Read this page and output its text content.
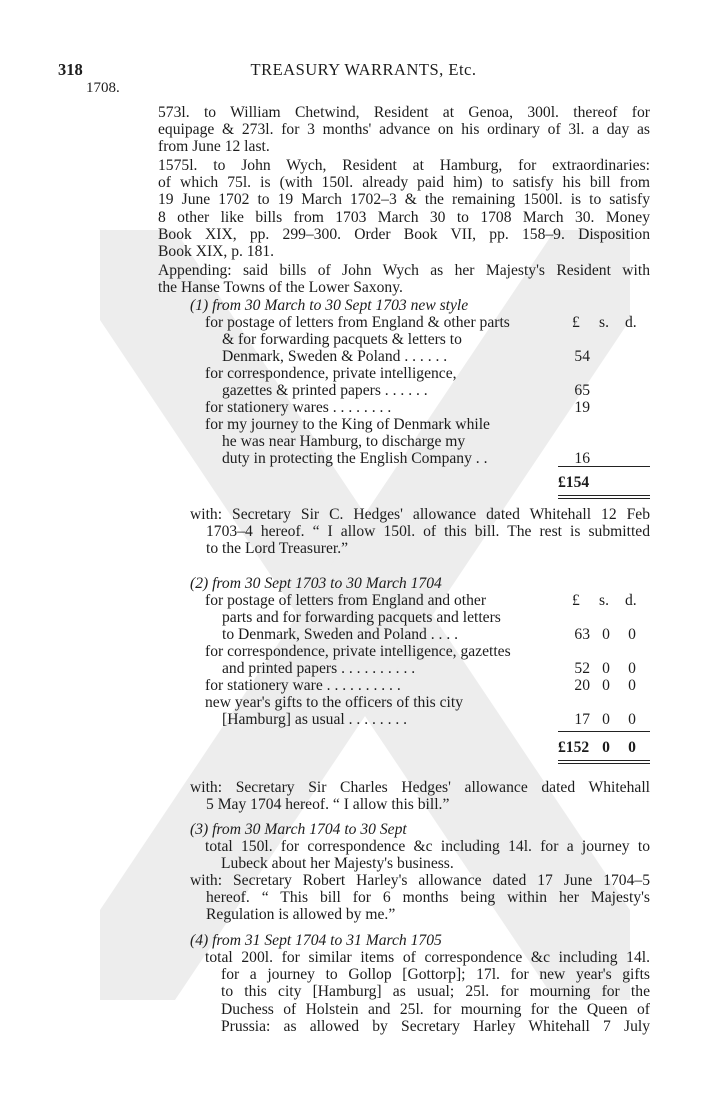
318	TREASURY WARRANTS, Etc.
1708.
573l. to William Chetwind, Resident at Genoa, 300l. thereof for
equipage & 273l. for 3 months' advance on his ordinary of 3l. a day as
from June 12 last.
1575l. to John Wych, Resident at Hamburg, for extraordinaries:
of which 75l. is (with 150l. already paid him) to satisfy his bill from
19 June 1702 to 19 March 1702–3 & the remaining 1500l. is to satisfy
8 other like bills from 1703 March 30 to 1708 March 30. Money
Book XIX, pp. 299–300. Order Book VII, pp. 158–9. Disposition
Book XIX, p. 181.
Appending: said bills of John Wych as her Majesty's Resident with
the Hanse Towns of the Lower Saxony.
(1) from 30 March to 30 Sept 1703 new style
£ s. d.
for postage of letters from England & other parts
& for forwarding pacquets & letters to
Denmark, Sweden & Poland . . . . . .	54
for correspondence, private intelligence,
gazettes & printed papers . . . . . .	65
for stationery wares . . . . . . . .	19
for my journey to the King of Denmark while
he was near Hamburg, to discharge my
duty in protecting the English Company . .	16
£154
with: Secretary Sir C. Hedges' allowance dated Whitehall 12 Feb
1703–4 hereof. “ I allow 150l. of this bill. The rest is submitted
to the Lord Treasurer.”
(2) from 30 Sept 1703 to 30 March 1704
£ s. d.
for postage of letters from England and other
parts and for forwarding pacquets and letters
to Denmark, Sweden and Poland . . . .	63 0 0
for correspondence, private intelligence, gazettes
and printed papers . . . . . . . . . .	52 0 0
for stationery ware . . . . . . . . . .	20 0 0
new year's gifts to the officers of this city
[Hamburg] as usual . . . . . . . .	17 0 0
£152 0 0
with: Secretary Sir Charles Hedges' allowance dated Whitehall
5 May 1704 hereof. “ I allow this bill.”
(3) from 30 March 1704 to 30 Sept
total 150l. for correspondence &c including 14l. for a journey to
Lubeck about her Majesty's business.
with: Secretary Robert Harley's allowance dated 17 June 1704–5
hereof. “ This bill for 6 months being within her Majesty's
Regulation is allowed by me.”
(4) from 31 Sept 1704 to 31 March 1705
total 200l. for similar items of correspondence &c including 14l.
for a journey to Gollop [Gottorp]; 17l. for new year's gifts
to this city [Hamburg] as usual; 25l. for mourning for the
Duchess of Holstein and 25l. for mourning for the Queen of
Prussia: as allowed by Secretary Harley Whitehall 7 July
